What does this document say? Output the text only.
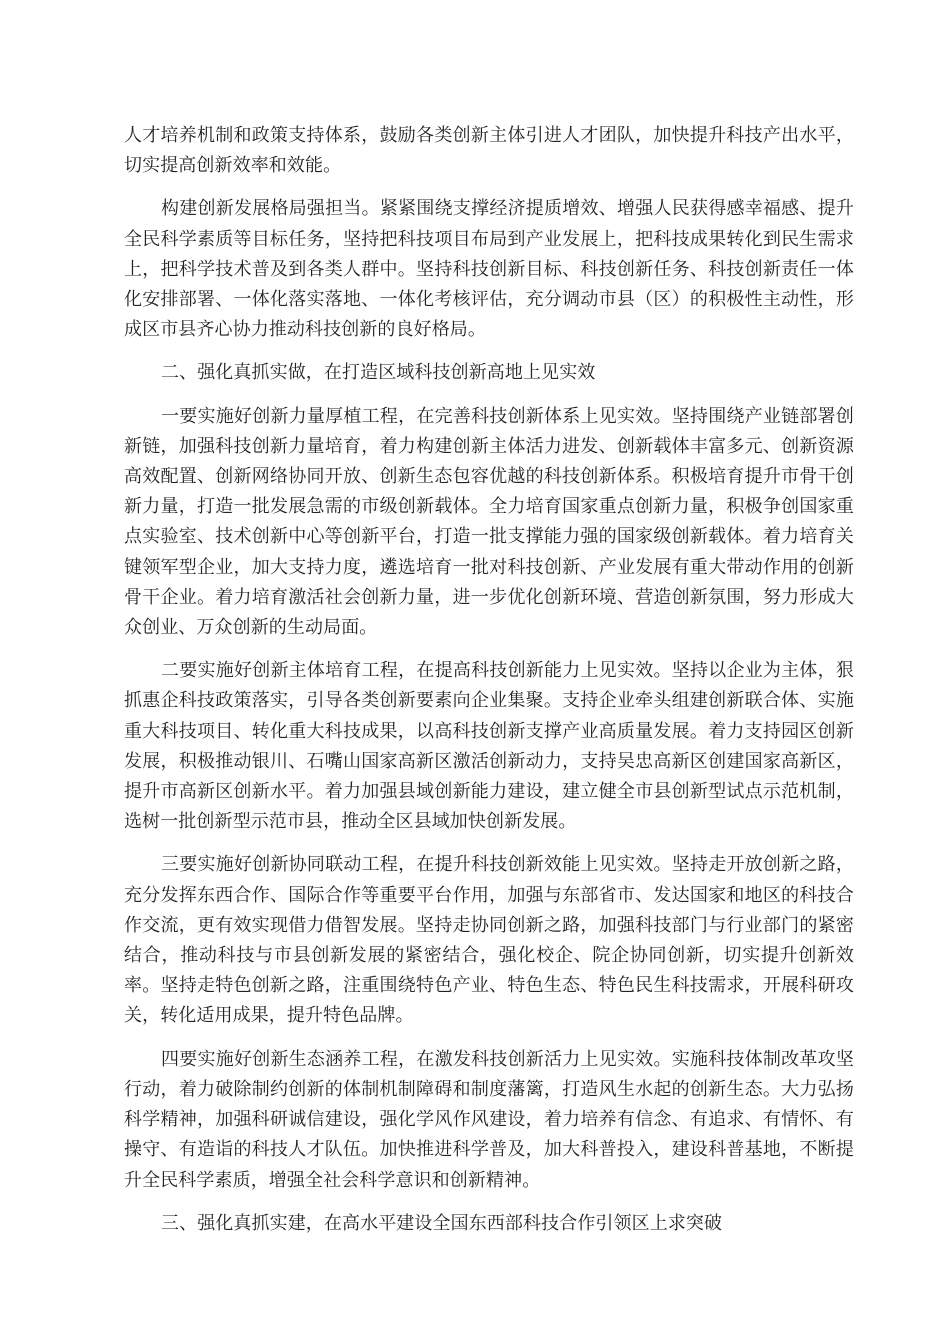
人才培养机制和政策支持体系，鼓励各类创新主体引进人才团队，加快提升科技产出水平，切实提高创新效率和效能。

构建创新发展格局强担当。紧紧围绕支撑经济提质增效、增强人民获得感幸福感、提升全民科学素质等目标任务，坚持把科技项目布局到产业发展上，把科技成果转化到民生需求上，把科学技术普及到各类人群中。坚持科技创新目标、科技创新任务、科技创新责任一体化安排部署、一体化落实落地、一体化考核评估，充分调动市县（区）的积极性主动性，形成区市县齐心协力推动科技创新的良好格局。

二、强化真抓实做，在打造区域科技创新高地上见实效

一要实施好创新力量厚植工程，在完善科技创新体系上见实效。坚持围绕产业链部署创新链，加强科技创新力量培育，着力构建创新主体活力进发、创新载体丰富多元、创新资源高效配置、创新网络协同开放、创新生态包容优越的科技创新体系。积极培育提升市骨干创新力量，打造一批发展急需的市级创新载体。全力培育国家重点创新力量，积极争创国家重点实验室、技术创新中心等创新平台，打造一批支撑能力强的国家级创新载体。着力培育关键领军型企业，加大支持力度，遴选培育一批对科技创新、产业发展有重大带动作用的创新骨干企业。着力培育激活社会创新力量，进一步优化创新环境、营造创新氛围，努力形成大众创业、万众创新的生动局面。

二要实施好创新主体培育工程，在提高科技创新能力上见实效。坚持以企业为主体，狠抓惠企科技政策落实，引导各类创新要素向企业集聚。支持企业牵头组建创新联合体、实施重大科技项目、转化重大科技成果，以高科技创新支撑产业高质量发展。着力支持园区创新发展，积极推动银川、石嘴山国家高新区激活创新动力，支持吴忠高新区创建国家高新区，提升市高新区创新水平。着力加强县域创新能力建设，建立健全市县创新型试点示范机制，选树一批创新型示范市县，推动全区县域加快创新发展。

三要实施好创新协同联动工程，在提升科技创新效能上见实效。坚持走开放创新之路，充分发挥东西合作、国际合作等重要平台作用，加强与东部省市、发达国家和地区的科技合作交流，更有效实现借力借智发展。坚持走协同创新之路，加强科技部门与行业部门的紧密结合，推动科技与市县创新发展的紧密结合，强化校企、院企协同创新，切实提升创新效率。坚持走特色创新之路，注重围绕特色产业、特色生态、特色民生科技需求，开展科研攻关，转化适用成果，提升特色品牌。

四要实施好创新生态涵养工程，在激发科技创新活力上见实效。实施科技体制改革攻坚行动，着力破除制约创新的体制机制障碍和制度藩篱，打造风生水起的创新生态。大力弘扬科学精神，加强科研诚信建设，强化学风作风建设，着力培养有信念、有追求、有情怀、有操守、有造诣的科技人才队伍。加快推进科学普及，加大科普投入，建设科普基地，不断提升全民科学素质，增强全社会科学意识和创新精神。

三、强化真抓实建，在高水平建设全国东西部科技合作引领区上求突破
